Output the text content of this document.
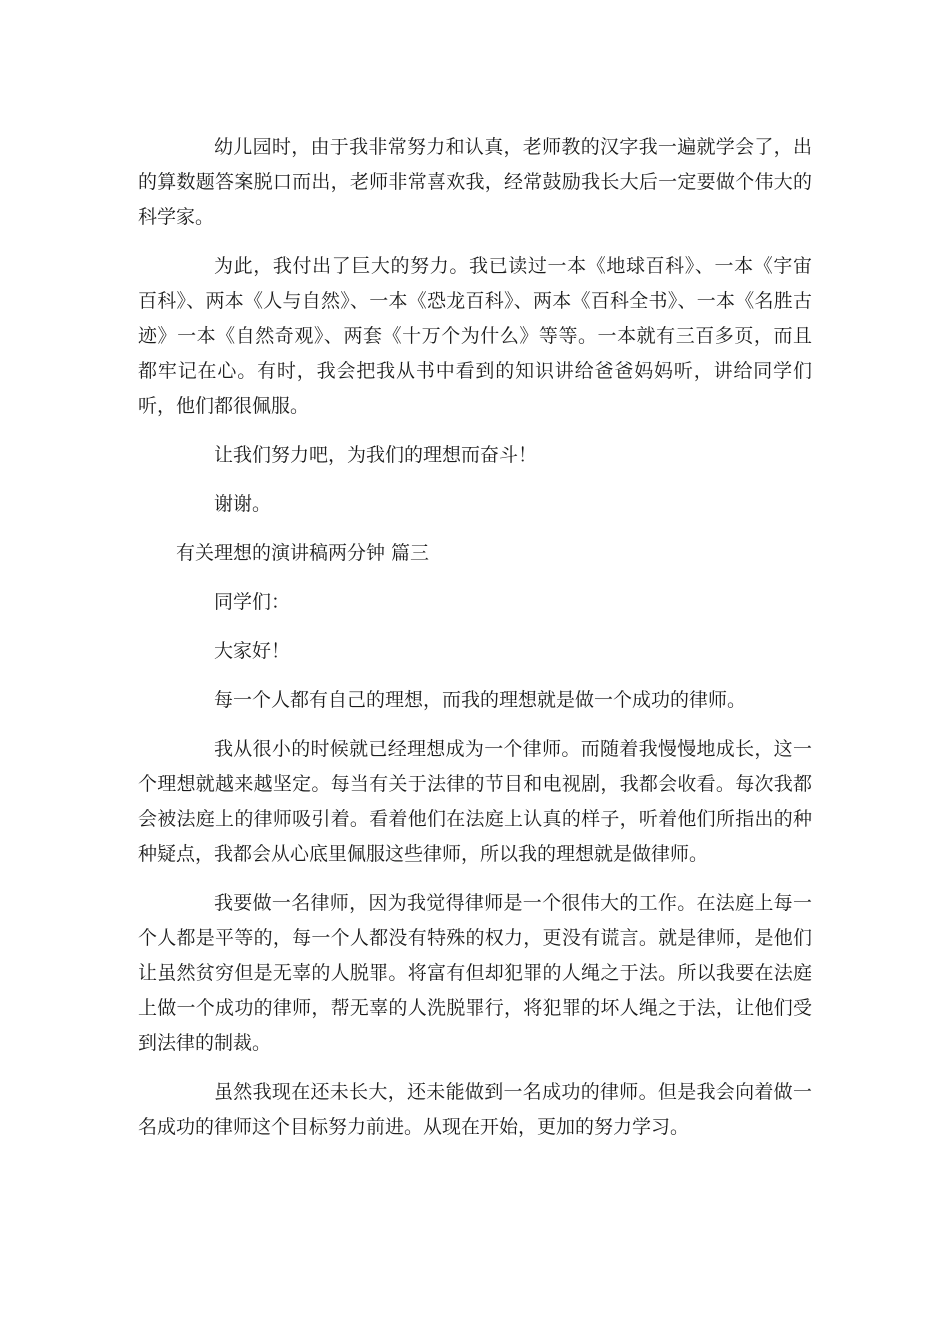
幼儿园时，由于我非常努力和认真，老师教的汉字我一遍就学会了，出的算数题答案脱口而出，老师非常喜欢我，经常鼓励我长大后一定要做个伟大的科学家。

为此，我付出了巨大的努力。我已读过一本《地球百科》、一本《宇宙百科》、两本《人与自然》、一本《恐龙百科》、两本《百科全书》、一本《名胜古迹》一本《自然奇观》、两套《十万个为什么》等等。一本就有三百多页，而且都牢记在心。有时，我会把我从书中看到的知识讲给爸爸妈妈听，讲给同学们听，他们都很佩服。

让我们努力吧，为我们的理想而奋斗！

谢谢。

有关理想的演讲稿两分钟 篇三

同学们：

大家好！

每一个人都有自己的理想，而我的理想就是做一个成功的律师。

我从很小的时候就已经理想成为一个律师。而随着我慢慢地成长，这一个理想就越来越坚定。每当有关于法律的节目和电视剧，我都会收看。每次我都会被法庭上的律师吸引着。看着他们在法庭上认真的样子，听着他们所指出的种种疑点，我都会从心底里佩服这些律师，所以我的理想就是做律师。

我要做一名律师，因为我觉得律师是一个很伟大的工作。在法庭上每一个人都是平等的，每一个人都没有特殊的权力，更没有谎言。就是律师，是他们让虽然贫穷但是无辜的人脱罪。将富有但却犯罪的人绳之于法。所以我要在法庭上做一个成功的律师，帮无辜的人洗脱罪行，将犯罪的坏人绳之于法，让他们受到法律的制裁。

虽然我现在还未长大，还未能做到一名成功的律师。但是我会向着做一名成功的律师这个目标努力前进。从现在开始，更加的努力学习。
